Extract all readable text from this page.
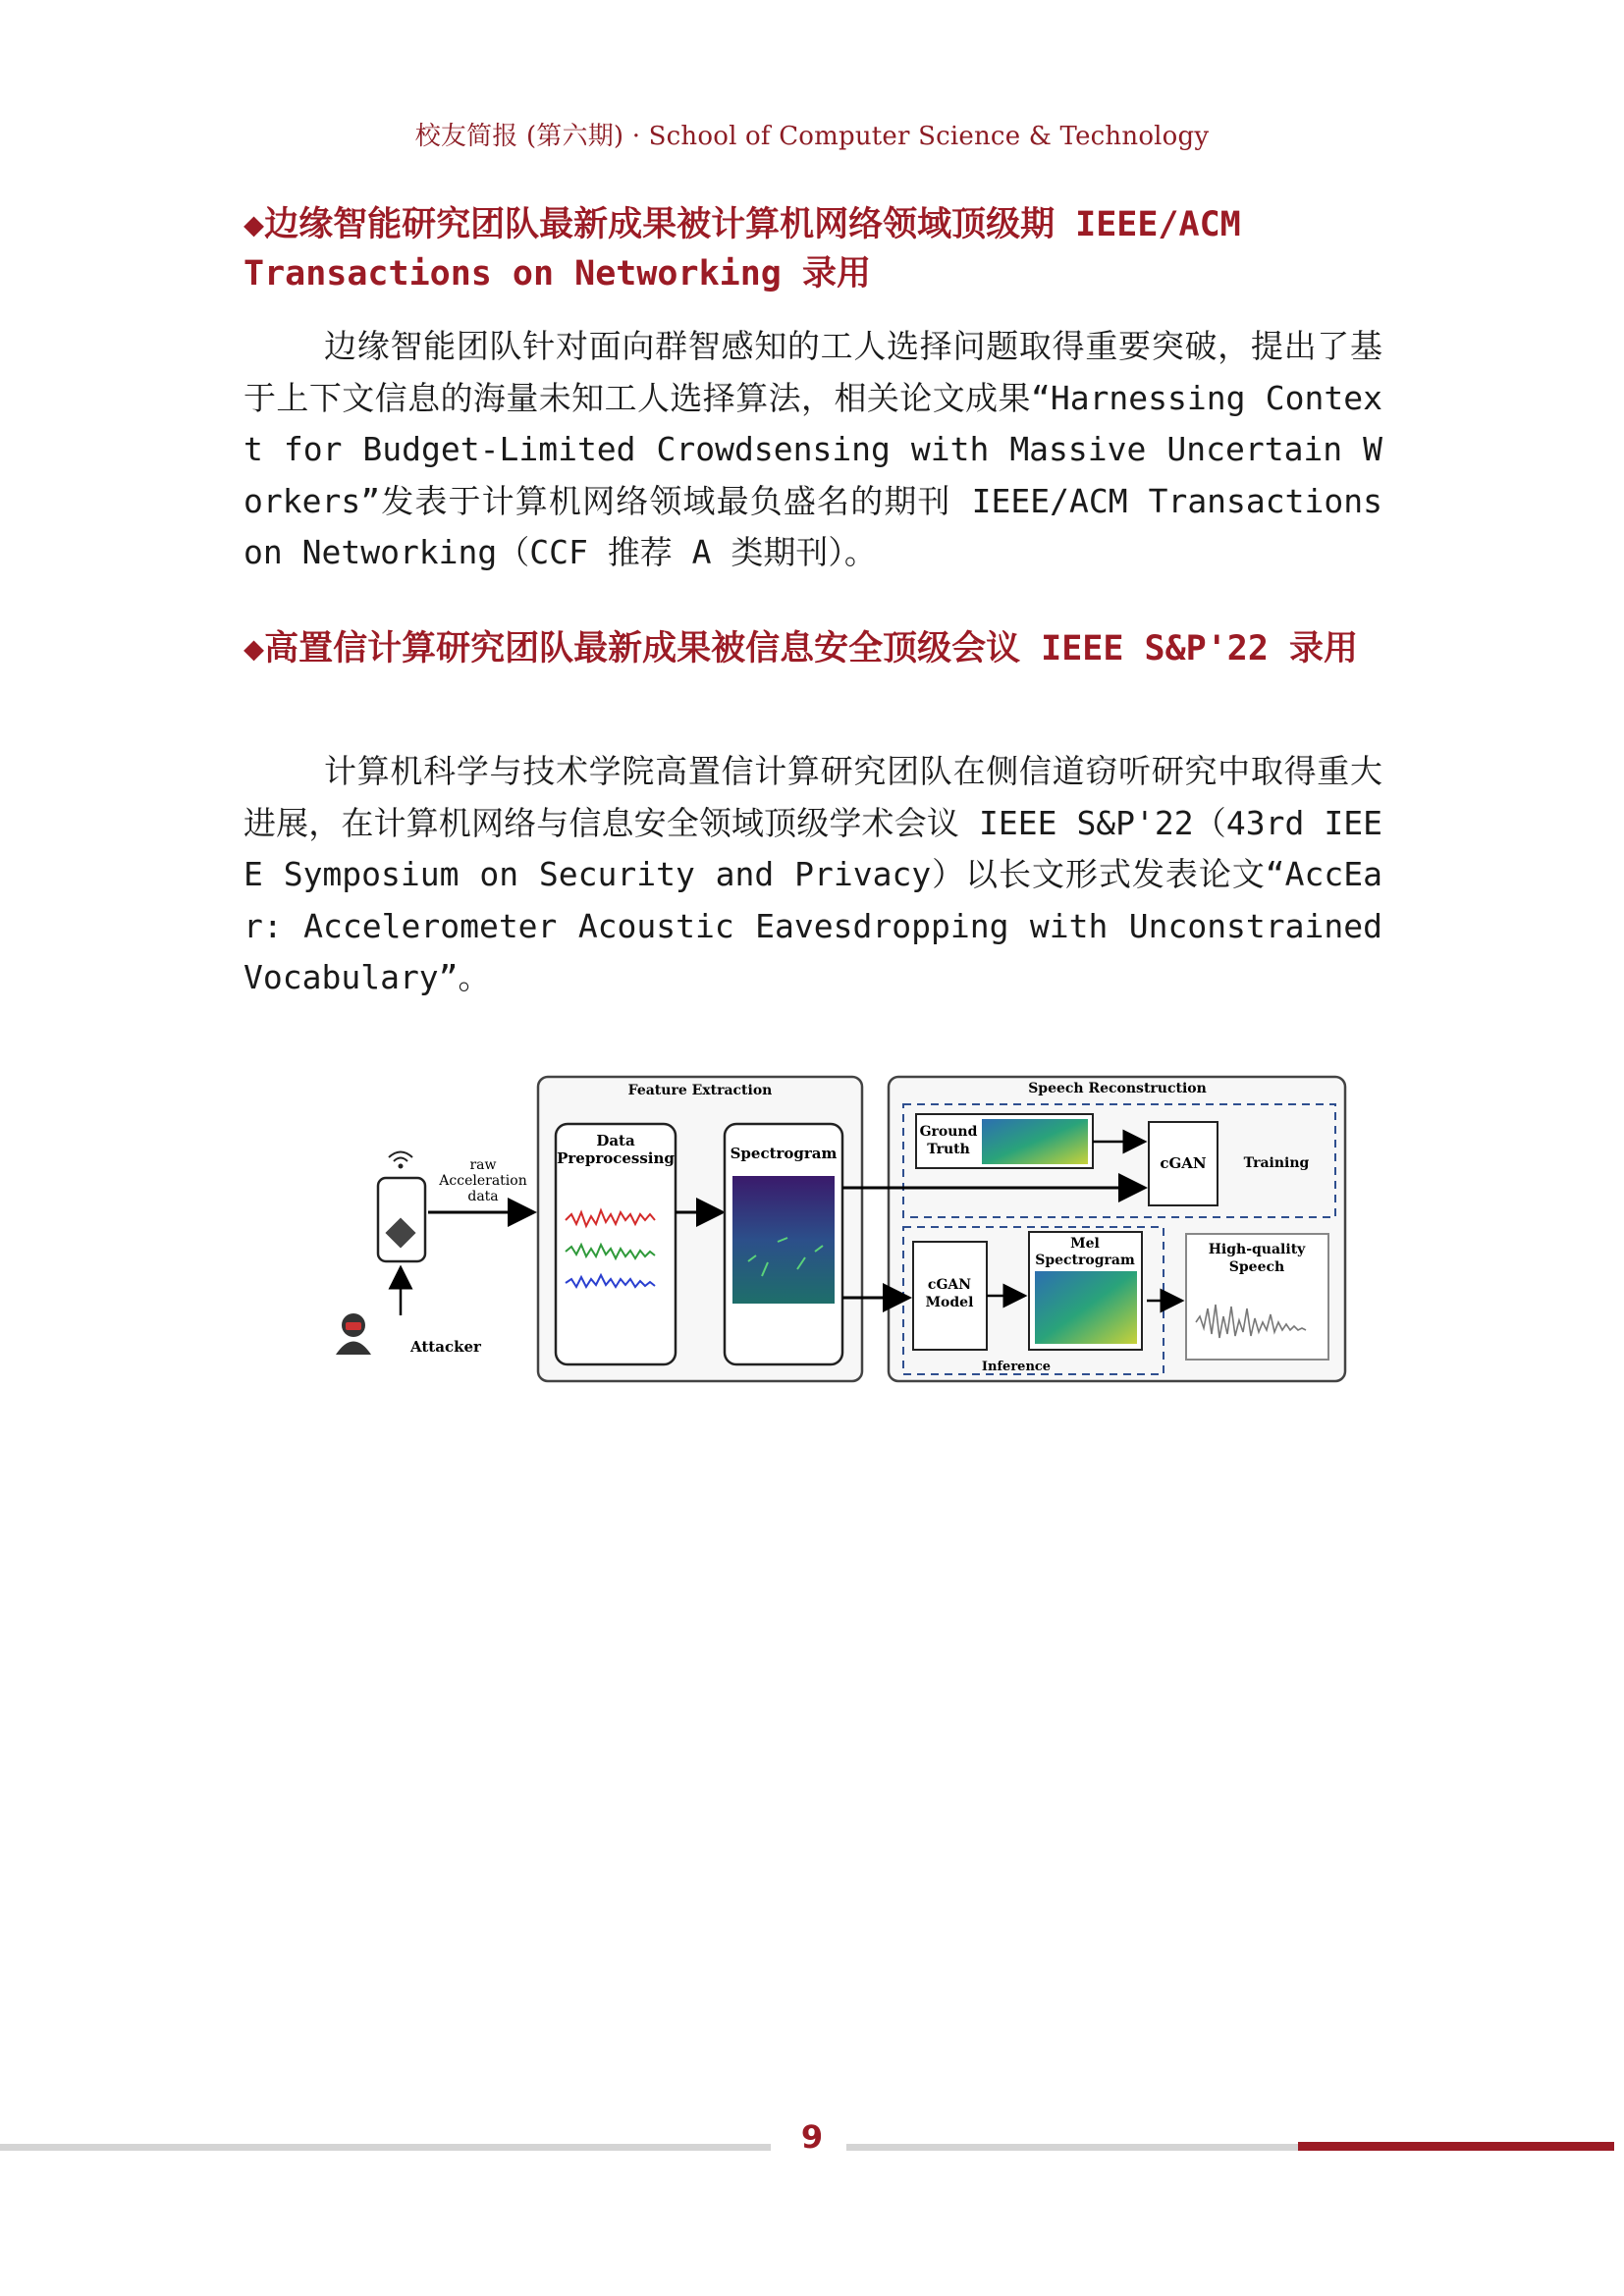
校友简报 (第六期) · School of Computer Science & Technology
◆边缘智能研究团队最新成果被计算机网络领域顶级期 IEEE/ACM Transactions on Networking 录用
边缘智能团队针对面向群智感知的工人选择问题取得重要突破，提出了基于上下文信息的海量未知工人选择算法，相关论文成果“Harnessing Context for Budget-Limited Crowdsensing with Massive Uncertain Workers”发表于计算机网络领域最负盛名的期刊 IEEE/ACM Transactions on Networking（CCF 推荐 A 类期刊）。
◆高置信计算研究团队最新成果被信息安全顶级会议 IEEE S&P'22 录用
计算机科学与技术学院高置信计算研究团队在侧信道窃听研究中取得重大进展，在计算机网络与信息安全领域顶级学术会议 IEEE S&P'22（43rd IEEE Symposium on Security and Privacy）以长文形式发表论文“AccEar: Accelerometer Acoustic Eavesdropping with Unconstrained Vocabulary”。
Attacker
raw
Acceleration
data
Feature Extraction
Data
Preprocessing	Spectrogram
Speech Reconstruction
Ground
Truth
cGAN	Training
cGAN
Model
Mel
Spectrogram
Inference
High-quality
Speech
9
